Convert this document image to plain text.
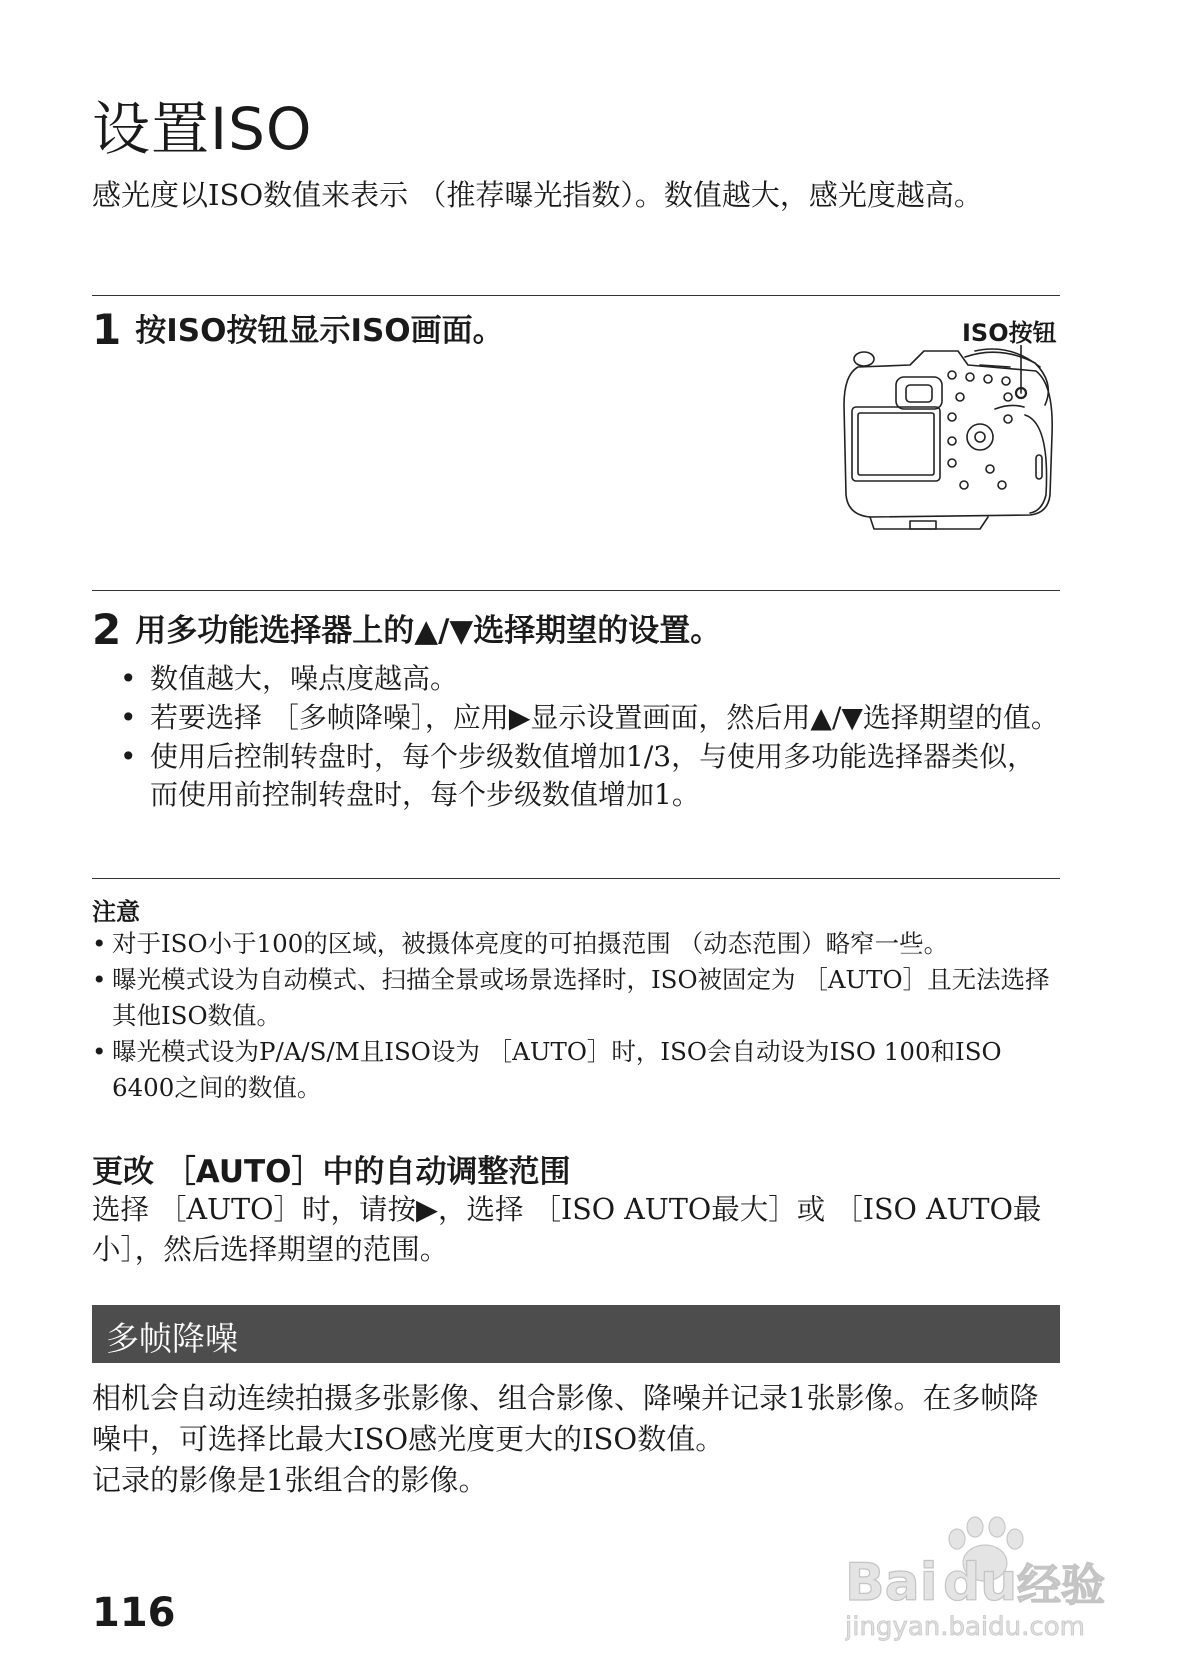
设置ISO

感光度以ISO数值来表示 （推荐曝光指数）。数值越大，感光度越高。

1 按ISO按钮显示ISO画面。	ISO按钮
2 用多功能选择器上的▲/▼选择期望的设置。
• 数值越大，噪点度越高。
• 若要选择 ［多帧降噪］，应用▶显示设置画面，然后用▲/▼选择期望的值。
• 使用后控制转盘时，每个步级数值增加1/3，与使用多功能选择器类似，而使用前控制转盘时，每个步级数值增加1。
注意
• 对于ISO小于100的区域，被摄体亮度的可拍摄范围 （动态范围）略窄一些。
• 曝光模式设为自动模式、扫描全景或场景选择时，ISO被固定为 ［AUTO］且无法选择其他ISO数值。
• 曝光模式设为P/A/S/M且ISO设为 ［AUTO］时，ISO会自动设为ISO 100和ISO 6400之间的数值。
更改 ［AUTO］中的自动调整范围

选择 ［AUTO］时，请按▶，选择 ［ISO AUTO最大］或 ［ISO AUTO最小］，然后选择期望的范围。

多帧降噪

相机会自动连续拍摄多张影像、组合影像、降噪并记录1张影像。在多帧降噪中，可选择比最大ISO感光度更大的ISO数值。

记录的影像是1张组合的影像。

116	Bai du 经验
jingyan.baidu.com
